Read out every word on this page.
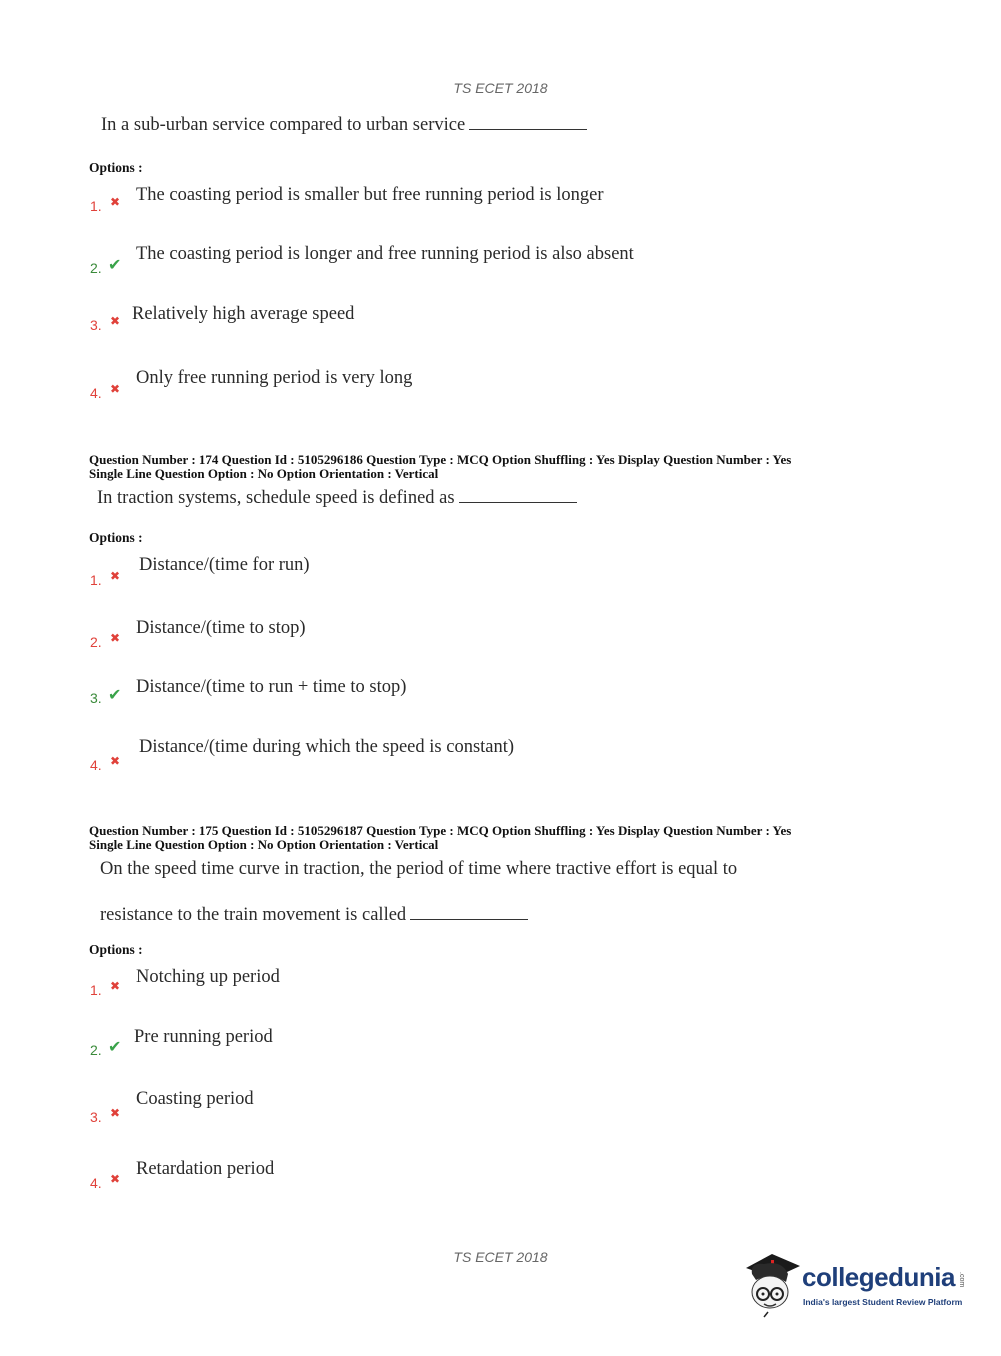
TS ECET 2018
In a sub-urban service compared to urban service
Options :
1. ✖ The coasting period is smaller but free running period is longer
2. ✔
The coasting period is longer and free running period is also absent
3. ✖ Relatively high average speed
4. ✖
Only free running period is very long
Question Number : 174 Question Id : 5105296186 Question Type : MCQ Option Shuffling : Yes Display Question Number : Yes
Single Line Question Option : No Option Orientation : Vertical
In traction systems, schedule speed is defined as
Options :
1. ✖
Distance/(time for run)
2. ✖ Distance/(time to stop)
3. ✔ Distance/(time to run + time to stop)
4. ✖
Distance/(time during which the speed is constant)
Question Number : 175 Question Id : 5105296187 Question Type : MCQ Option Shuffling : Yes Display Question Number : Yes
Single Line Question Option : No Option Orientation : Vertical
On the speed time curve in traction, the period of time where tractive effort is equal to
resistance to the train movement is called
Options :
1. ✖ Notching up period
2. ✔ Pre running period
3. ✖
Coasting period
4. ✖ Retardation period
TS ECET 2018
collegedunia .com
India's largest Student Review Platform
